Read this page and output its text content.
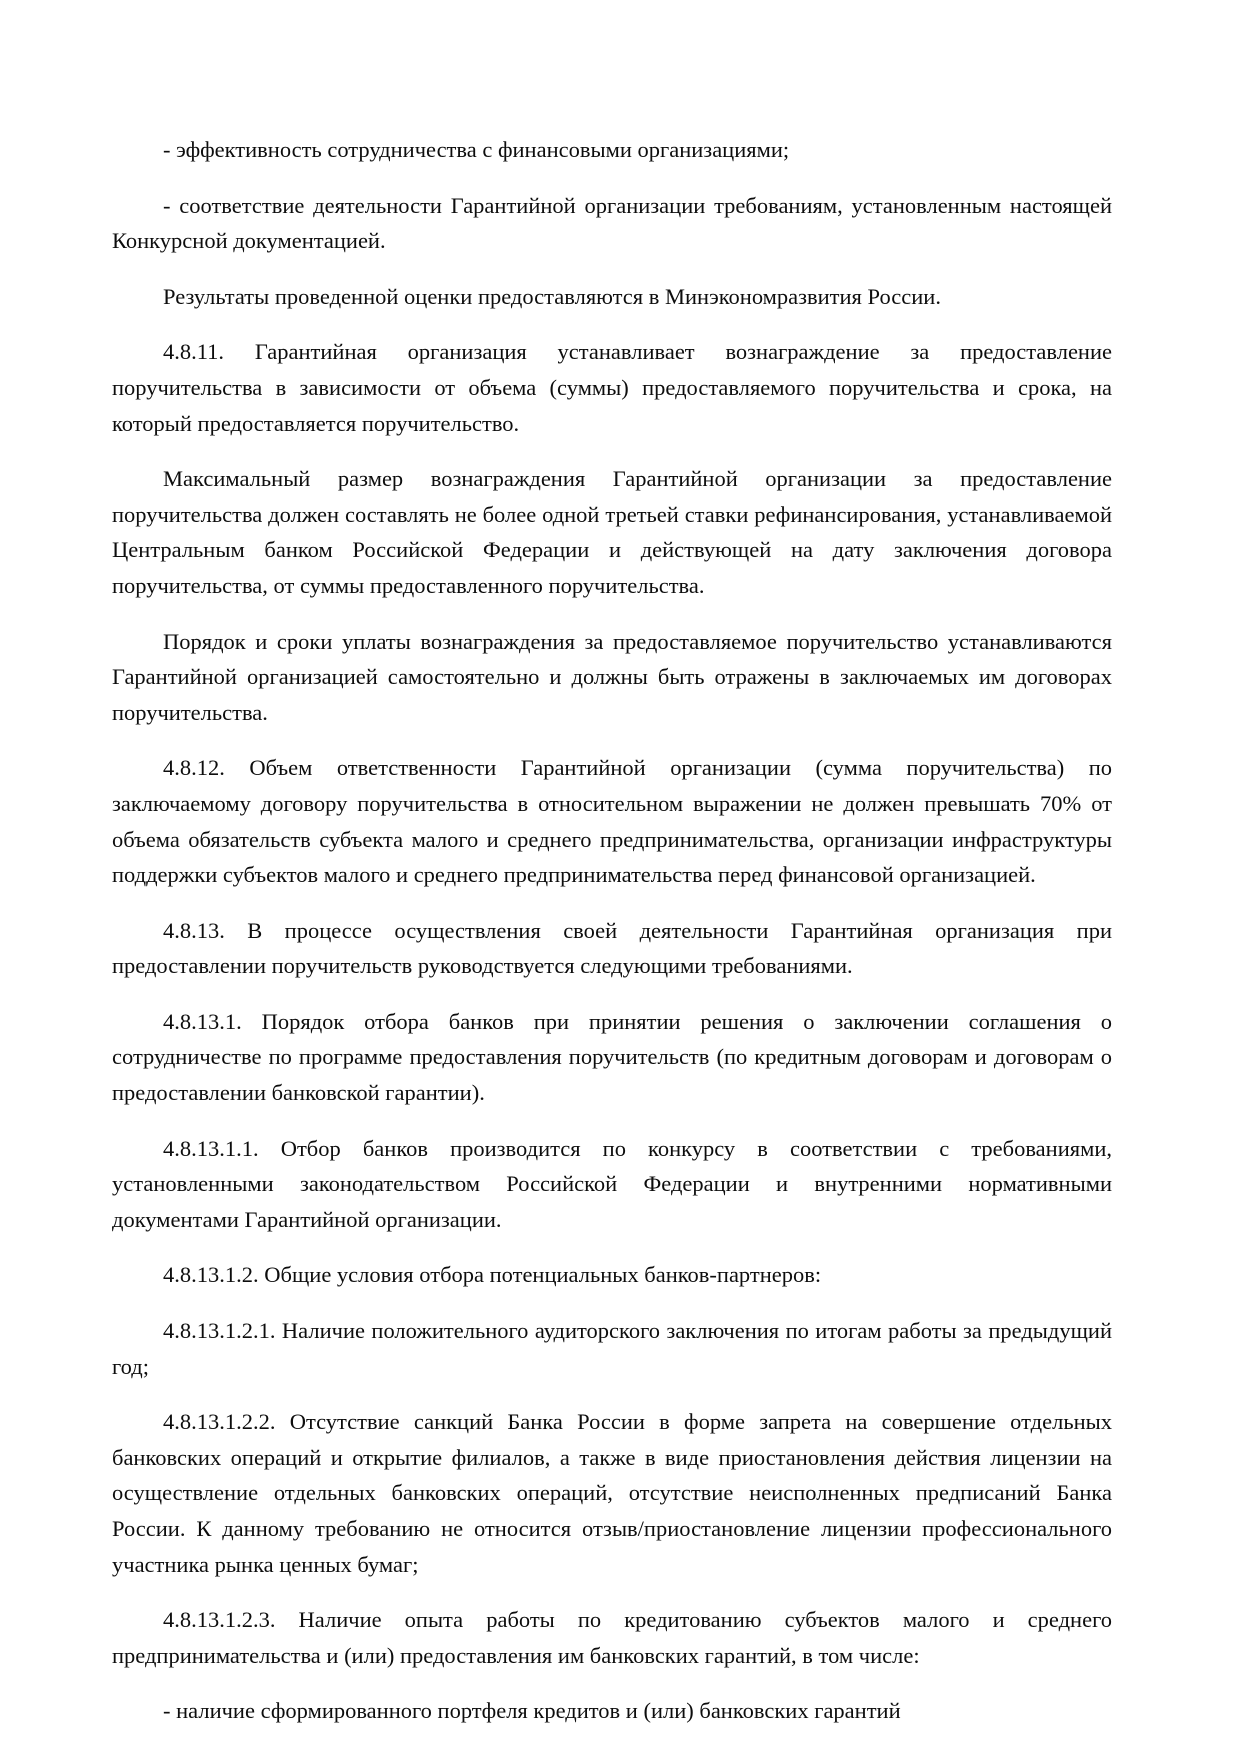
- эффективность сотрудничества с финансовыми организациями;

- соответствие деятельности Гарантийной организации требованиям, установленным настоящей Конкурсной документацией.

Результаты проведенной оценки предоставляются в Минэкономразвития России.

4.8.11. Гарантийная организация устанавливает вознаграждение за предоставление поручительства в зависимости от объема (суммы) предоставляемого поручительства и срока, на который предоставляется поручительство.

Максимальный размер вознаграждения Гарантийной организации за предоставление поручительства должен составлять не более одной третьей ставки рефинансирования, устанавливаемой Центральным банком Российской Федерации и действующей на дату заключения договора поручительства, от суммы предоставленного поручительства.

Порядок и сроки уплаты вознаграждения за предоставляемое поручительство устанавливаются Гарантийной организацией самостоятельно и должны быть отражены в заключаемых им договорах поручительства.

4.8.12. Объем ответственности Гарантийной организации (сумма поручительства) по заключаемому договору поручительства в относительном выражении не должен превышать 70% от объема обязательств субъекта малого и среднего предпринимательства, организации инфраструктуры поддержки субъектов малого и среднего предпринимательства перед финансовой организацией.

4.8.13. В процессе осуществления своей деятельности Гарантийная организация при предоставлении поручительств руководствуется следующими требованиями.

4.8.13.1. Порядок отбора банков при принятии решения о заключении соглашения о сотрудничестве по программе предоставления поручительств (по кредитным договорам и договорам о предоставлении банковской гарантии).

4.8.13.1.1. Отбор банков производится по конкурсу в соответствии с требованиями, установленными законодательством Российской Федерации и внутренними нормативными документами Гарантийной организации.

4.8.13.1.2. Общие условия отбора потенциальных банков-партнеров:

4.8.13.1.2.1. Наличие положительного аудиторского заключения по итогам работы за предыдущий год;

4.8.13.1.2.2. Отсутствие санкций Банка России в форме запрета на совершение отдельных банковских операций и открытие филиалов, а также в виде приостановления действия лицензии на осуществление отдельных банковских операций, отсутствие неисполненных предписаний Банка России. К данному требованию не относится отзыв/приостановление лицензии профессионального участника рынка ценных бумаг;

4.8.13.1.2.3. Наличие опыта работы по кредитованию субъектов малого и среднего предпринимательства и (или) предоставления им банковских гарантий, в том числе:

- наличие сформированного портфеля кредитов и (или) банковских гарантий
